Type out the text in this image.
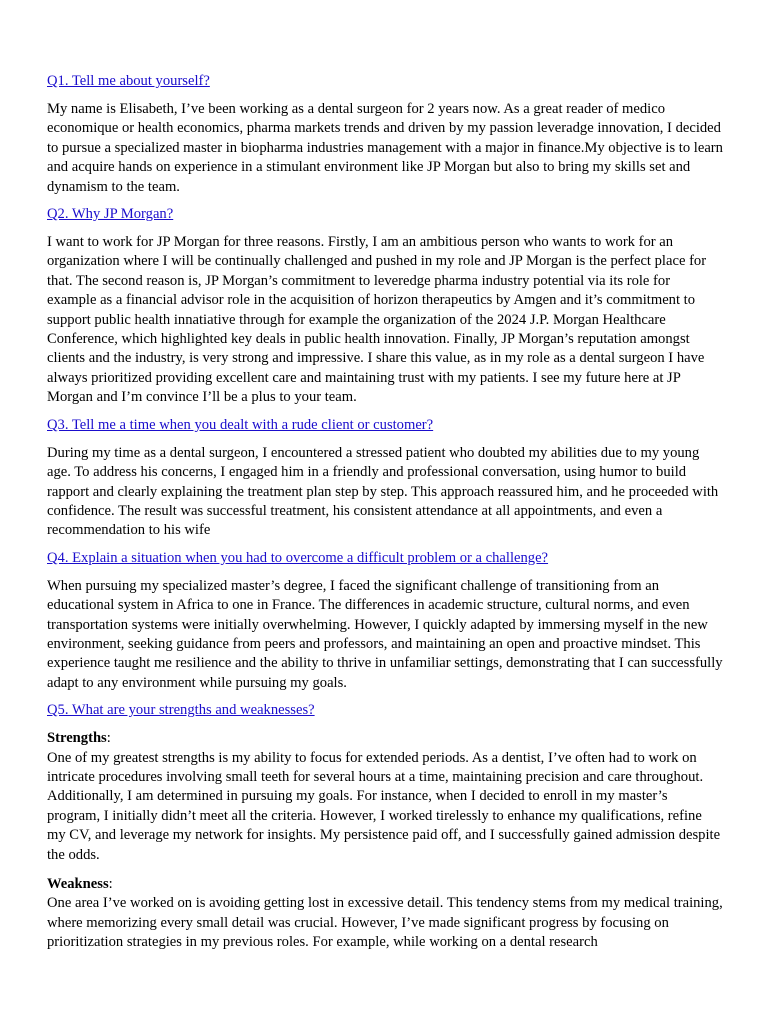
Q1. Tell me about yourself?

My name is Elisabeth, I’ve been working as a dental surgeon for 2 years now. As a great reader of medico economique or health economics, pharma markets trends and driven by my passion leveradge innovation, I decided to pursue a specialized master in biopharma industries management with a major in finance.My objective is to learn and acquire hands on experience in a stimulant environment like JP Morgan but also to bring my skills set and dynamism to the team.

Q2. Why JP Morgan?

I want to work for JP Morgan for three reasons. Firstly, I am an ambitious person who wants to work for an organization where I will be continually challenged and pushed in my role and JP Morgan is the perfect place for that. The second reason is, JP Morgan’s commitment to leveredge pharma industry potential via its role for example as a financial advisor role in the acquisition of horizon therapeutics by Amgen and it’s commitment to support public health innatiative through for example the organization of the 2024 J.P. Morgan Healthcare Conference, which highlighted key deals in public health innovation. Finally, JP Morgan’s reputation amongst clients and the industry, is very strong and impressive. I share this value, as in my role as a dental surgeon I have always prioritized providing excellent care and maintaining trust with my patients. I see my future here at JP Morgan and I’m convince I’ll be a plus to your team.

Q3. Tell me a time when you dealt with a rude client or customer?

During my time as a dental surgeon, I encountered a stressed patient who doubted my abilities due to my young age. To address his concerns, I engaged him in a friendly and professional conversation, using humor to build rapport and clearly explaining the treatment plan step by step. This approach reassured him, and he proceeded with confidence. The result was successful treatment, his consistent attendance at all appointments, and even a recommendation to his wife

Q4. Explain a situation when you had to overcome a difficult problem or a challenge?

When pursuing my specialized master’s degree, I faced the significant challenge of transitioning from an educational system in Africa to one in France. The differences in academic structure, cultural norms, and even transportation systems were initially overwhelming. However, I quickly adapted by immersing myself in the new environment, seeking guidance from peers and professors, and maintaining an open and proactive mindset. This experience taught me resilience and the ability to thrive in unfamiliar settings, demonstrating that I can successfully adapt to any environment while pursuing my goals.

Q5. What are your strengths and weaknesses?

Strengths:

One of my greatest strengths is my ability to focus for extended periods. As a dentist, I’ve often had to work on intricate procedures involving small teeth for several hours at a time, maintaining precision and care throughout. Additionally, I am determined in pursuing my goals. For instance, when I decided to enroll in my master’s program, I initially didn’t meet all the criteria. However, I worked tirelessly to enhance my qualifications, refine my CV, and leverage my network for insights. My persistence paid off, and I successfully gained admission despite the odds.

Weakness:

One area I’ve worked on is avoiding getting lost in excessive detail. This tendency stems from my medical training, where memorizing every small detail was crucial. However, I’ve made significant progress by focusing on prioritization strategies in my previous roles. For example, while working on a dental research
